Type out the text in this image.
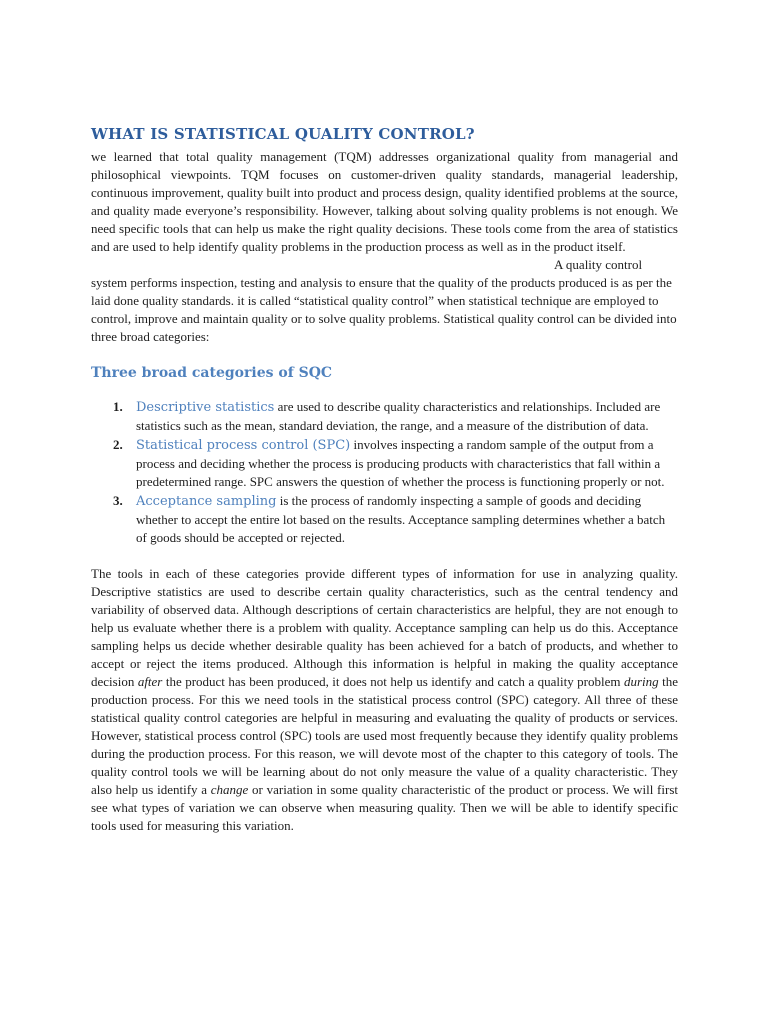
WHAT IS STATISTICAL QUALITY CONTROL?

we learned that total quality management (TQM) addresses organizational quality from managerial and philosophical viewpoints. TQM focuses on customer-driven quality standards, managerial leadership, continuous improvement, quality built into product and process design, quality identified problems at the source, and quality made everyone’s responsibility. However, talking about solving quality problems is not enough. We need specific tools that can help us make the right quality decisions. These tools come from the area of statistics and are used to help identify quality problems in the production process as well as in the product itself.

A quality control
system performs inspection, testing and analysis to ensure that the quality of the products produced is as per the laid done quality standards. it is called “statistical quality control” when statistical technique are employed to control, improve and maintain quality or to solve quality problems. Statistical quality control can be divided into three broad categories:

Three broad categories of SQC
1. Descriptive statistics are used to describe quality characteristics and relationships. Included are statistics such as the mean, standard deviation, the range, and a measure of the distribution of data.
2. Statistical process control (SPC) involves inspecting a random sample of the output from a process and deciding whether the process is producing products with characteristics that fall within a predetermined range. SPC answers the question of whether the process is functioning properly or not.
3. Acceptance sampling is the process of randomly inspecting a sample of goods and deciding whether to accept the entire lot based on the results. Acceptance sampling determines whether a batch of goods should be accepted or rejected.

The tools in each of these categories provide different types of information for use in analyzing quality. Descriptive statistics are used to describe certain quality characteristics, such as the central tendency and variability of observed data. Although descriptions of certain characteristics are helpful, they are not enough to help us evaluate whether there is a problem with quality. Acceptance sampling can help us do this. Acceptance sampling helps us decide whether desirable quality has been achieved for a batch of products, and whether to accept or reject the items produced. Although this information is helpful in making the quality acceptance decision after the product has been produced, it does not help us identify and catch a quality problem during the production process. For this we need tools in the statistical process control (SPC) category. All three of these statistical quality control categories are helpful in measuring and evaluating the quality of products or services. However, statistical process control (SPC) tools are used most frequently because they identify quality problems during the production process. For this reason, we will devote most of the chapter to this category of tools. The quality control tools we will be learning about do not only measure the value of a quality characteristic. They also help us identify a change or variation in some quality characteristic of the product or process. We will first see what types of variation we can observe when measuring quality. Then we will be able to identify specific tools used for measuring this variation.
